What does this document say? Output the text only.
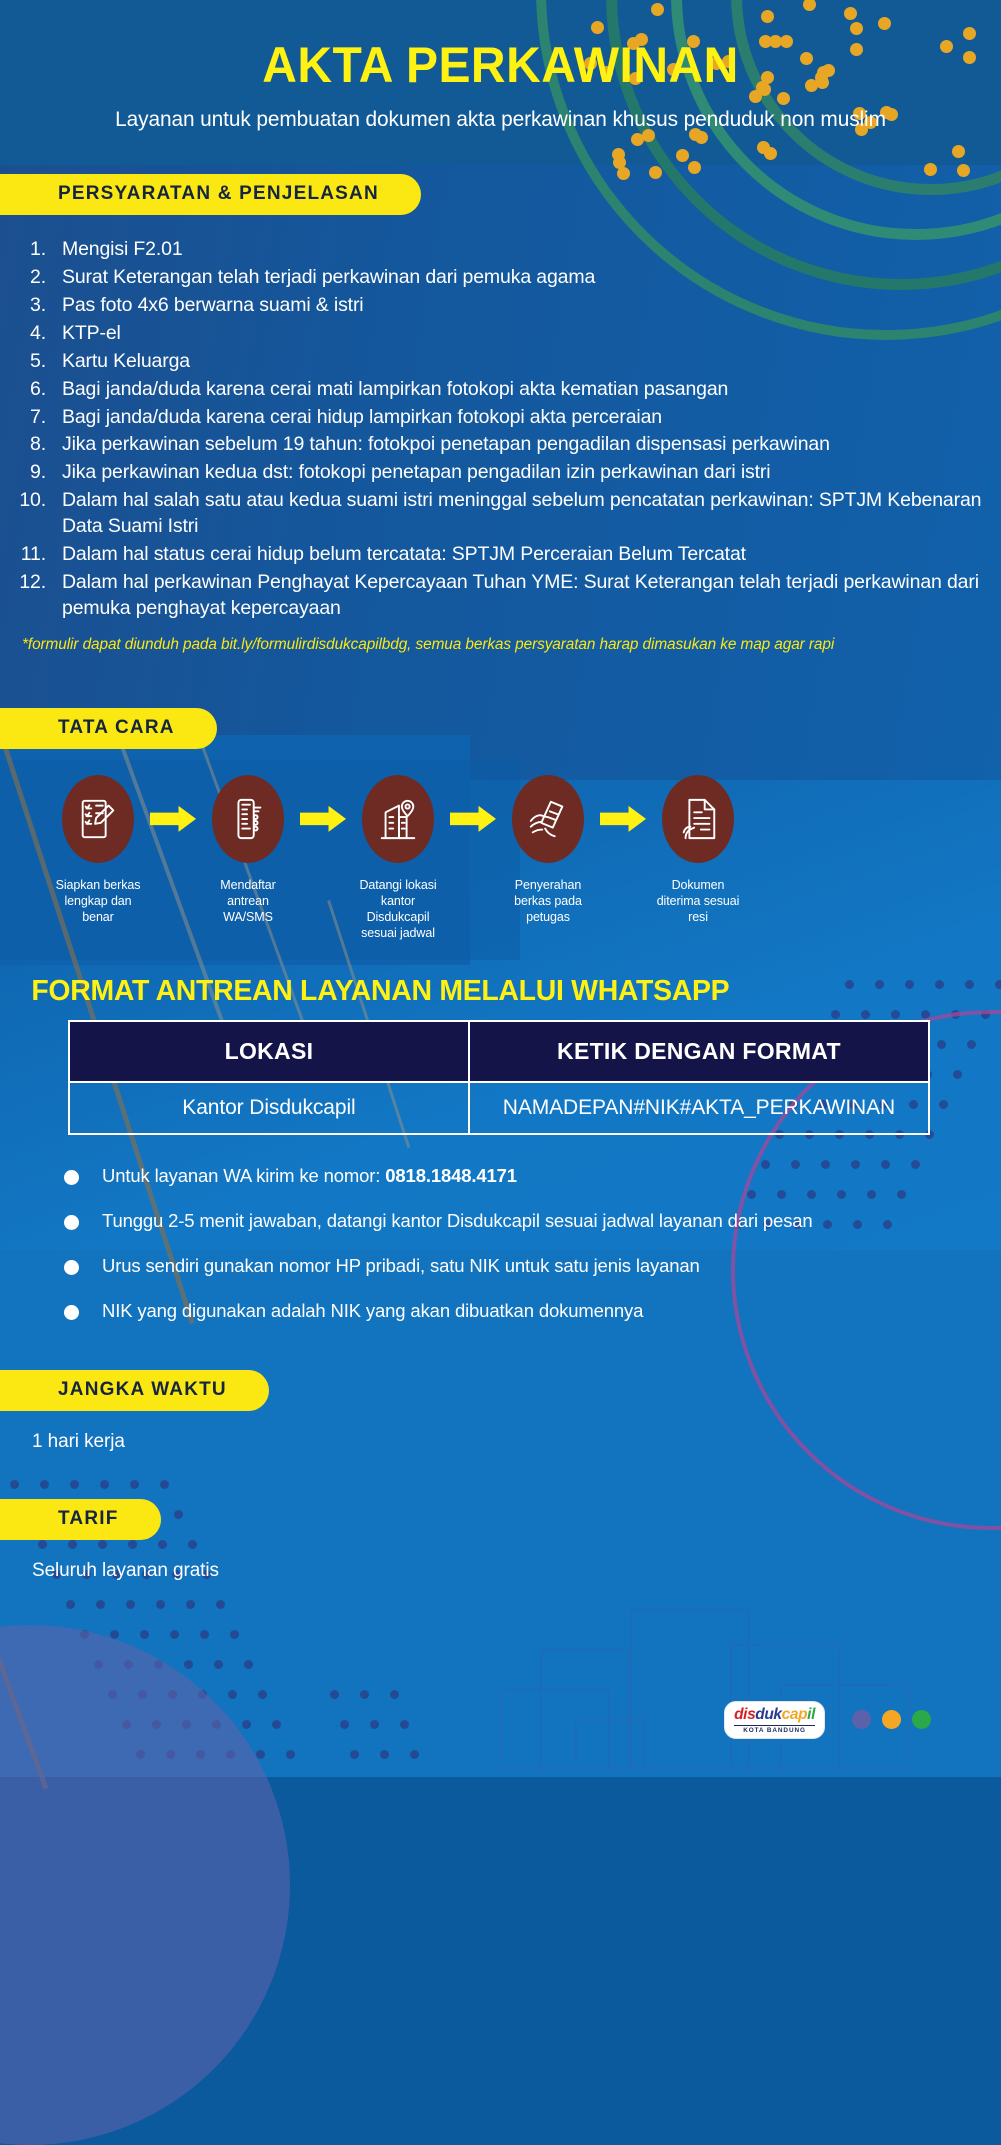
AKTA PERKAWINAN
Layanan untuk pembuatan dokumen akta perkawinan khusus penduduk non muslim
PERSYARATAN & PENJELASAN
1. Mengisi F2.01
2. Surat Keterangan telah terjadi perkawinan dari pemuka agama
3. Pas foto 4x6 berwarna suami & istri
4. KTP-el
5. Kartu Keluarga
6. Bagi janda/duda karena cerai mati lampirkan fotokopi akta kematian pasangan
7. Bagi janda/duda karena cerai hidup lampirkan fotokopi akta perceraian
8. Jika perkawinan sebelum 19 tahun: fotokpoi penetapan pengadilan dispensasi perkawinan
9. Jika perkawinan kedua dst: fotokopi penetapan pengadilan izin perkawinan dari istri
10. Dalam hal salah satu atau kedua suami istri meninggal sebelum pencatatan perkawinan: SPTJM Kebenaran Data Suami Istri
11. Dalam hal status cerai hidup belum tercatata: SPTJM Perceraian Belum Tercatat
12. Dalam hal perkawinan Penghayat Kepercayaan Tuhan YME: Surat Keterangan telah terjadi perkawinan dari pemuka penghayat kepercayaan
*formulir dapat diunduh pada bit.ly/formulirdisdukcapilbdg, semua berkas persyaratan harap dimasukan ke map agar rapi
TATA CARA
Siapkan berkas lengkap dan benar
Mendaftar antrean WA/SMS
Datangi lokasi kantor Disdukcapil sesuai jadwal
Penyerahan berkas pada petugas
Dokumen diterima sesuai resi
FORMAT ANTREAN LAYANAN MELALUI WHATSAPP
LOKASI	KETIK DENGAN FORMAT
Kantor Disdukcapil	NAMADEPAN#NIK#AKTA_PERKAWINAN
Untuk layanan WA kirim ke nomor: 0818.1848.4171
Tunggu 2-5 menit jawaban, datangi kantor Disdukcapil sesuai jadwal layanan dari pesan
Urus sendiri gunakan nomor HP pribadi, satu NIK untuk satu jenis layanan
NIK yang digunakan adalah NIK yang akan dibuatkan dokumennya
JANGKA WAKTU
1 hari kerja
TARIF
Seluruh layanan gratis
disdukcapil
KOTA BANDUNG
